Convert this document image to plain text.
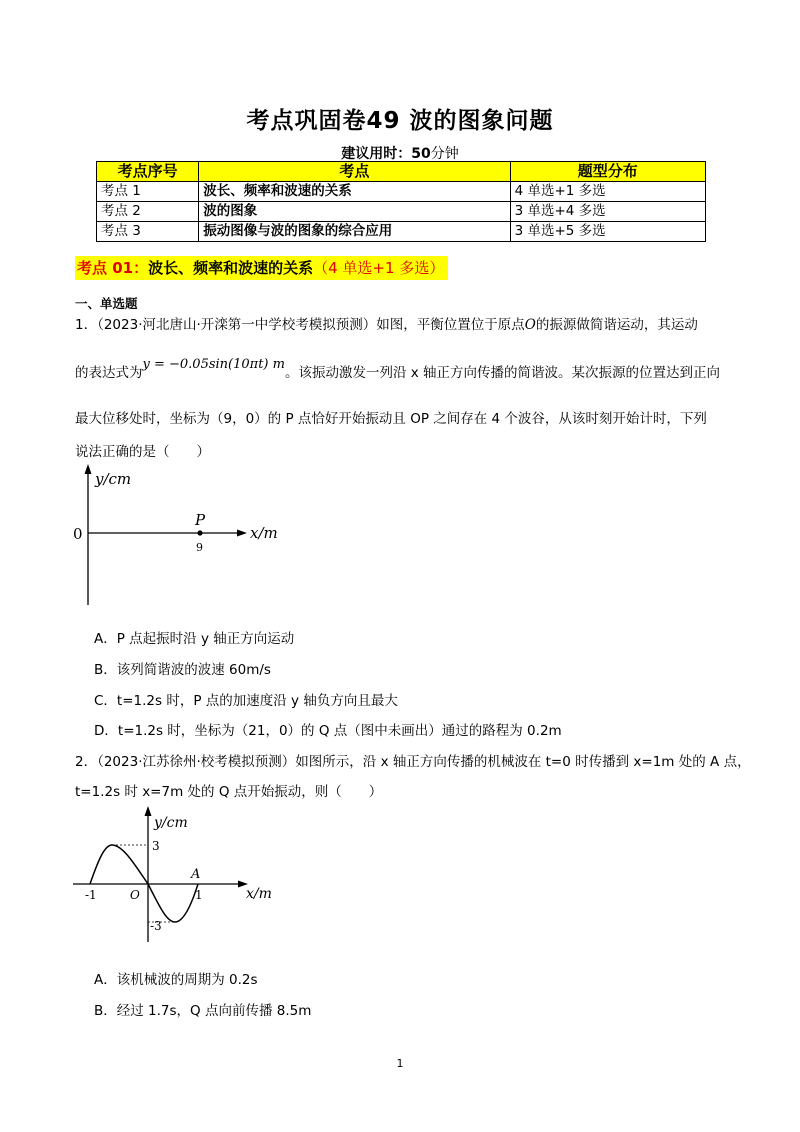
考点巩固卷49 波的图象问题
建议用时：50分钟
考点序号	考点	题型分布
考点 1	波长、频率和波速的关系	4 单选+1 多选
考点 2	波的图象	3 单选+4 多选
考点 3	振动图像与波的图象的综合应用	3 单选+5 多选
考点 01：波长、频率和波速的关系（4 单选+1 多选）
一、单选题
1．（2023·河北唐山·开滦第一中学校考模拟预测）如图，平衡位置位于原点O的振源做简谐运动，其运动
的表达式为y = −0.05sin(10πt) m。该振动激发一列沿 x 轴正方向传播的简谐波。某次振源的位置达到正向
最大位移处时，坐标为（9，0）的 P 点恰好开始振动且 OP 之间存在 4 个波谷，从该时刻开始计时，下列
说法正确的是（　　）
y/cm
x/m
0
P
9
A．P 点起振时沿 y 轴正方向运动
B．该列简谐波的波速 60m/s
C．t=1.2s 时，P 点的加速度沿 y 轴负方向且最大
D．t=1.2s 时，坐标为（21，0）的 Q 点（图中未画出）通过的路程为 0.2m
2．（2023·江苏徐州·校考模拟预测）如图所示，沿 x 轴正方向传播的机械波在 t=0 时传播到 x=1m 处的 A 点，
t=1.2s 时 x=7m 处的 Q 点开始振动，则（　　）
y/cm
x/m
3
-3
-1	O	1
A
A．该机械波的周期为 0.2s
B．经过 1.7s，Q 点向前传播 8.5m
1
